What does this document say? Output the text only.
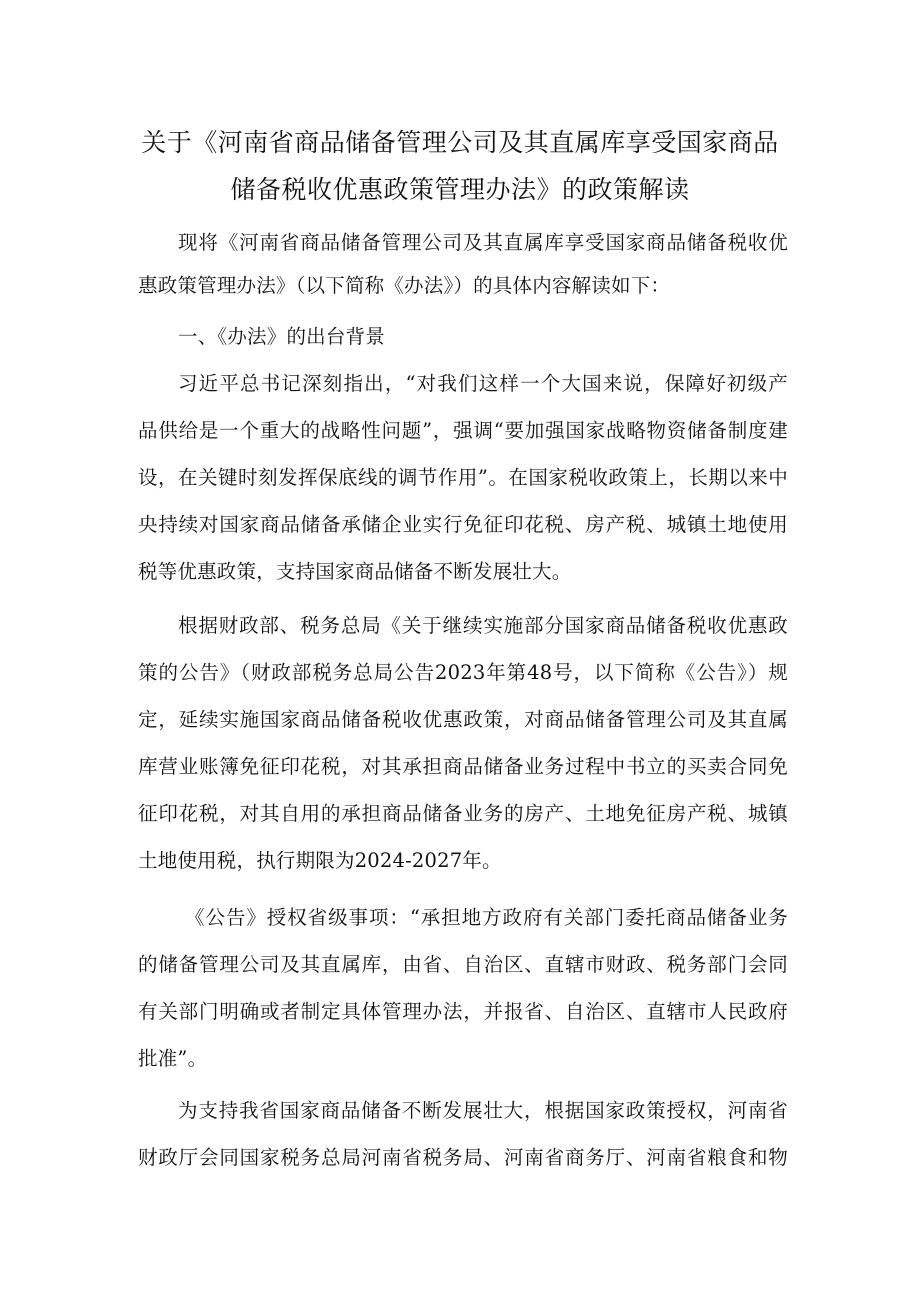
关于《河南省商品储备管理公司及其直属库享受国家商品
储备税收优惠政策管理办法》的政策解读
现将《河南省商品储备管理公司及其直属库享受国家商品储备税收优
惠政策管理办法》（以下简称《办法》）的具体内容解读如下：
一、《办法》的出台背景
习近平总书记深刻指出，“对我们这样一个大国来说，保障好初级产
品供给是一个重大的战略性问题”，强调“要加强国家战略物资储备制度建
设，在关键时刻发挥保底线的调节作用”。在国家税收政策上，长期以来中
央持续对国家商品储备承储企业实行免征印花税、房产税、城镇土地使用
税等优惠政策，支持国家商品储备不断发展壮大。
根据财政部、税务总局《关于继续实施部分国家商品储备税收优惠政
策的公告》（财政部税务总局公告2023年第48号，以下简称《公告》）规
定，延续实施国家商品储备税收优惠政策，对商品储备管理公司及其直属
库营业账簿免征印花税，对其承担商品储备业务过程中书立的买卖合同免
征印花税，对其自用的承担商品储备业务的房产、土地免征房产税、城镇
土地使用税，执行期限为2024-2027年。
《公告》授权省级事项：“承担地方政府有关部门委托商品储备业务
的储备管理公司及其直属库，由省、自治区、直辖市财政、税务部门会同
有关部门明确或者制定具体管理办法，并报省、自治区、直辖市人民政府
批准”。
为支持我省国家商品储备不断发展壮大，根据国家政策授权，河南省
财政厅会同国家税务总局河南省税务局、河南省商务厅、河南省粮食和物
